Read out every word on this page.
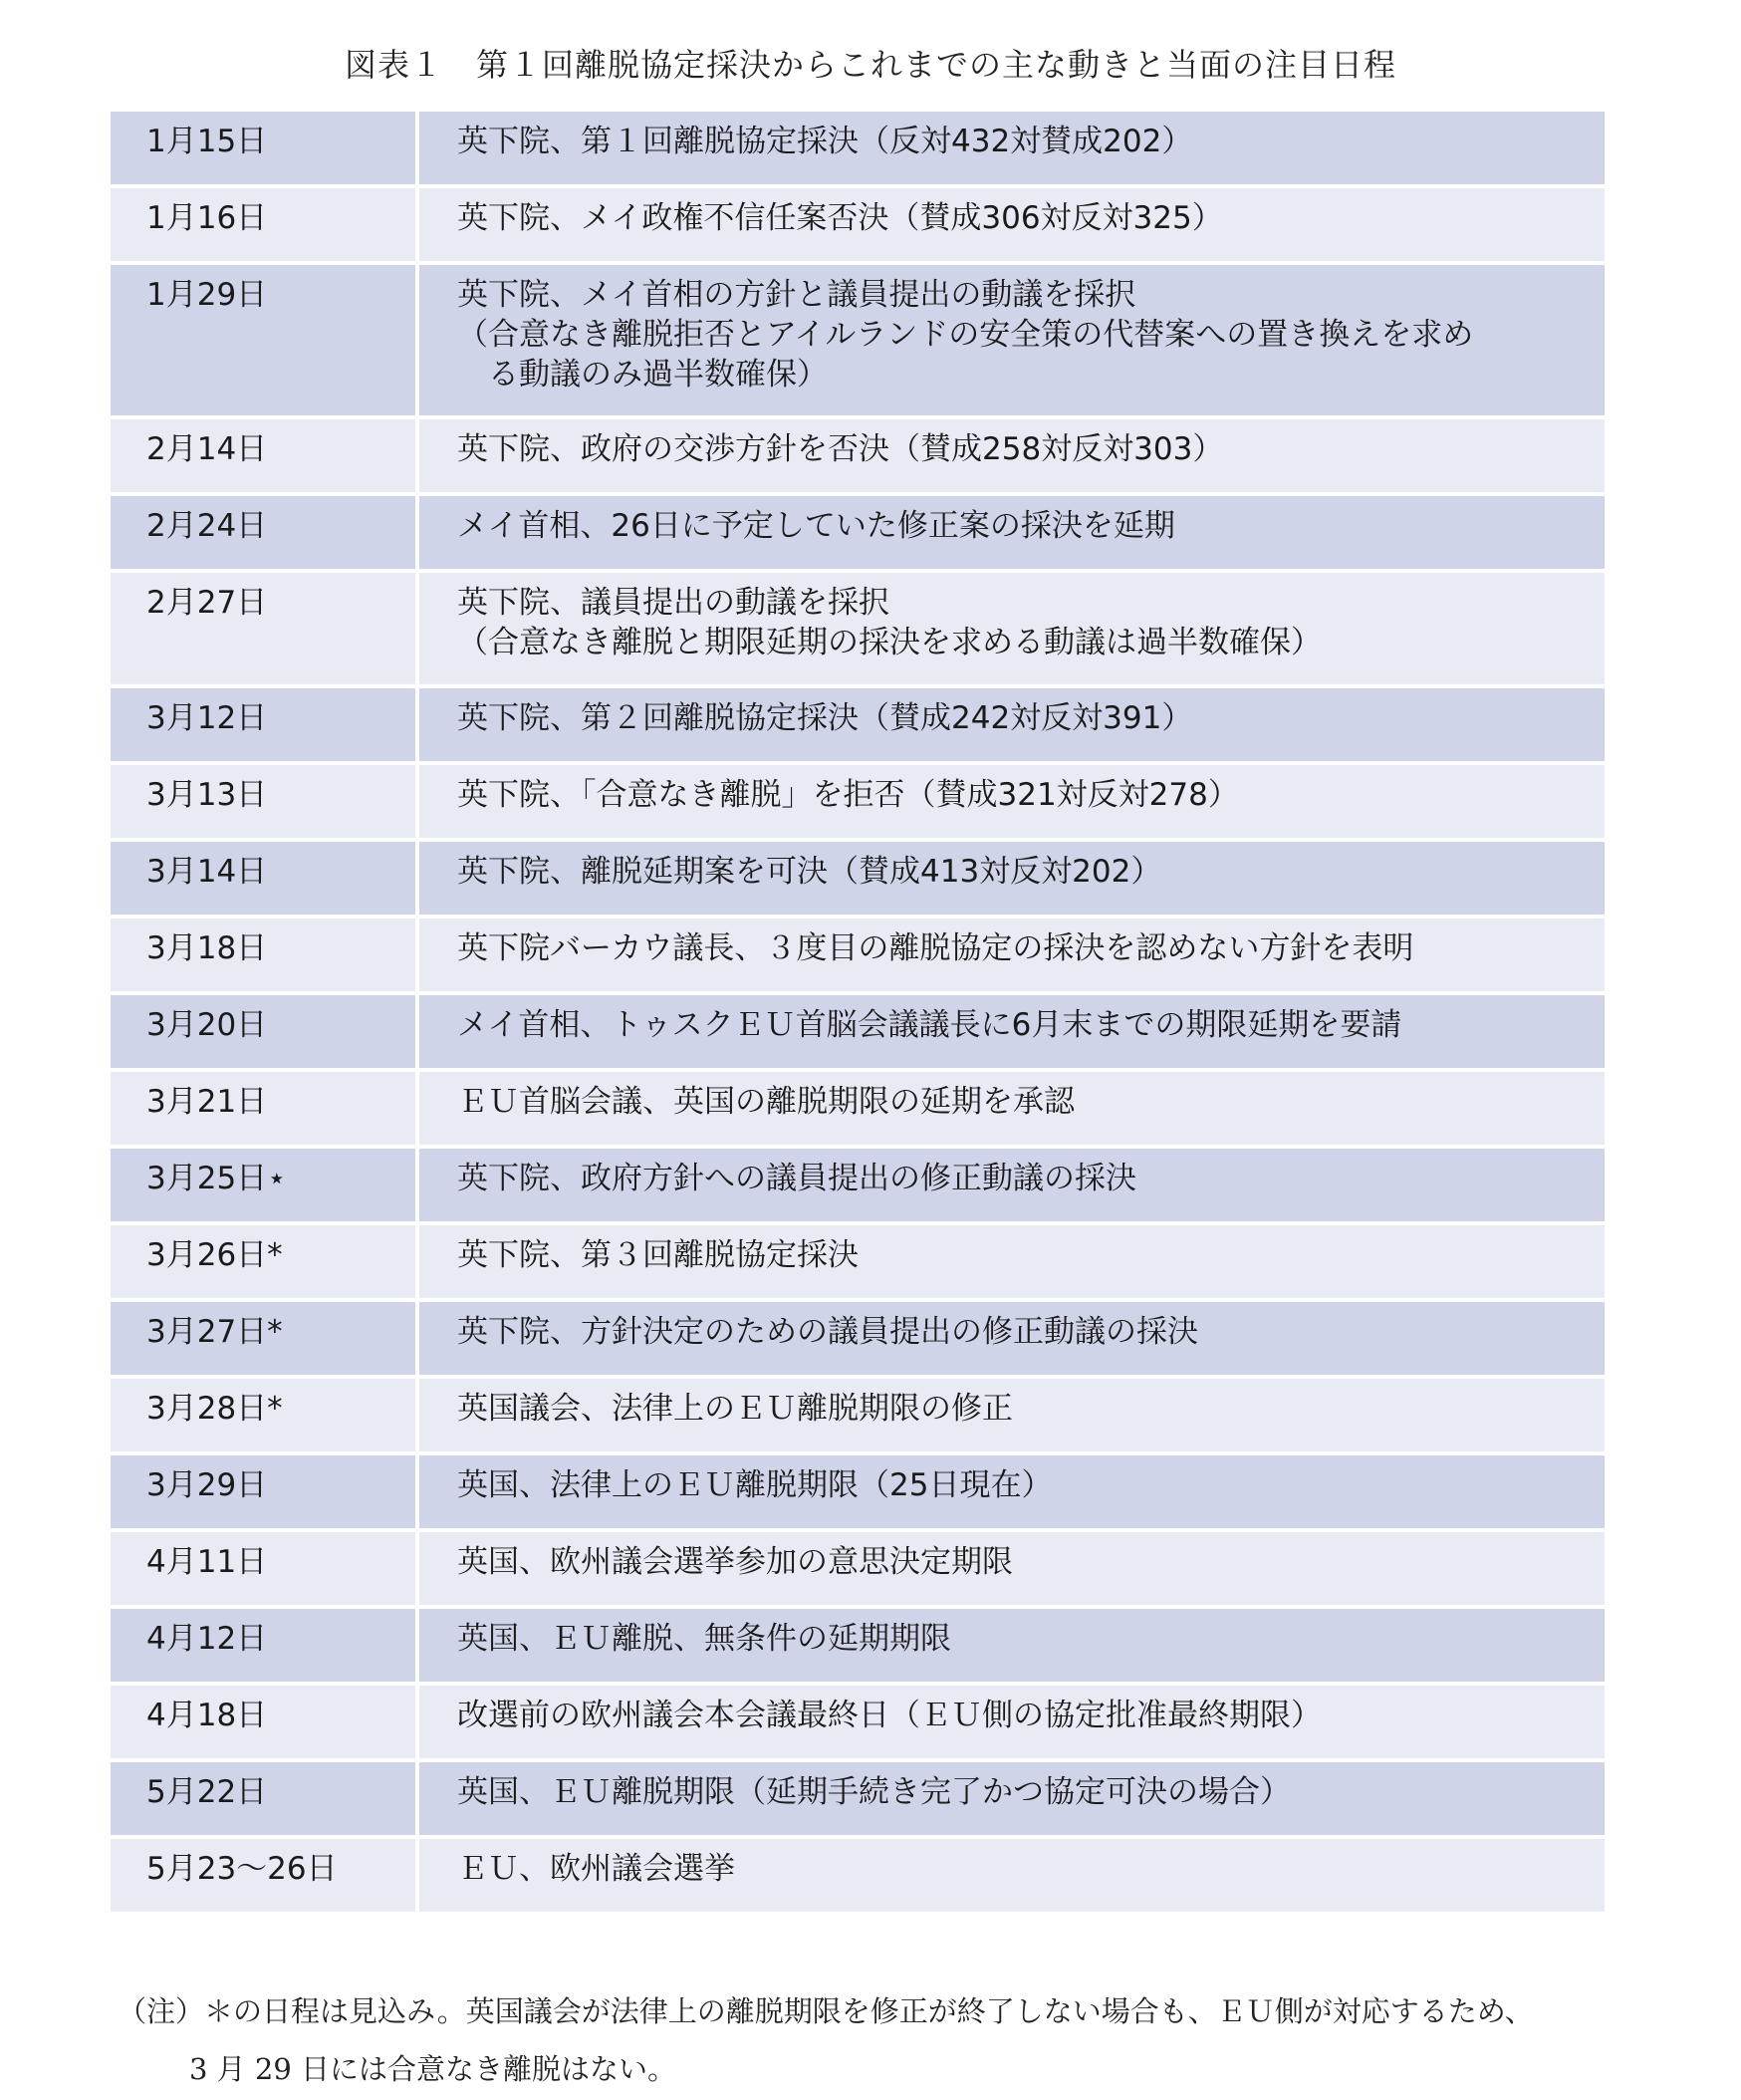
図表１　第１回離脱協定採決からこれまでの主な動きと当面の注目日程
1月15日	英下院、第１回離脱協定採決（反対432対賛成202）
1月16日	英下院、メイ政権不信任案否決（賛成306対反対325）
1月29日	英下院、メイ首相の方針と議員提出の動議を採択
（合意なき離脱拒否とアイルランドの安全策の代替案への置き換えを求め
　る動議のみ過半数確保）
2月14日	英下院、政府の交渉方針を否決（賛成258対反対303）
2月24日	メイ首相、26日に予定していた修正案の採決を延期
2月27日	英下院、議員提出の動議を採択
（合意なき離脱と期限延期の採決を求める動議は過半数確保）
3月12日	英下院、第２回離脱協定採決（賛成242対反対391）
3月13日	英下院、「合意なき離脱」を拒否（賛成321対反対278）
3月14日	英下院、離脱延期案を可決（賛成413対反対202）
3月18日	英下院バーカウ議長、３度目の離脱協定の採決を認めない方針を表明
3月20日	メイ首相、トゥスクＥＵ首脳会議議長に6月末までの期限延期を要請
3月21日	ＥＵ首脳会議、英国の離脱期限の延期を承認
3月25日⋆	英下院、政府方針への議員提出の修正動議の採決
3月26日*	英下院、第３回離脱協定採決
3月27日*	英下院、方針決定のための議員提出の修正動議の採決
3月28日*	英国議会、法律上のＥＵ離脱期限の修正
3月29日	英国、法律上のＥＵ離脱期限（25日現在）
4月11日	英国、欧州議会選挙参加の意思決定期限
4月12日	英国、ＥＵ離脱、無条件の延期期限
4月18日	改選前の欧州議会本会議最終日（ＥＵ側の協定批准最終期限）
5月22日	英国、ＥＵ離脱期限（延期手続き完了かつ協定可決の場合）
5月23〜26日	ＥＵ、欧州議会選挙
（注）＊の日程は見込み。英国議会が法律上の離脱期限を修正が終了しない場合も、ＥＵ側が対応するため、
3 月 29 日には合意なき離脱はない。
